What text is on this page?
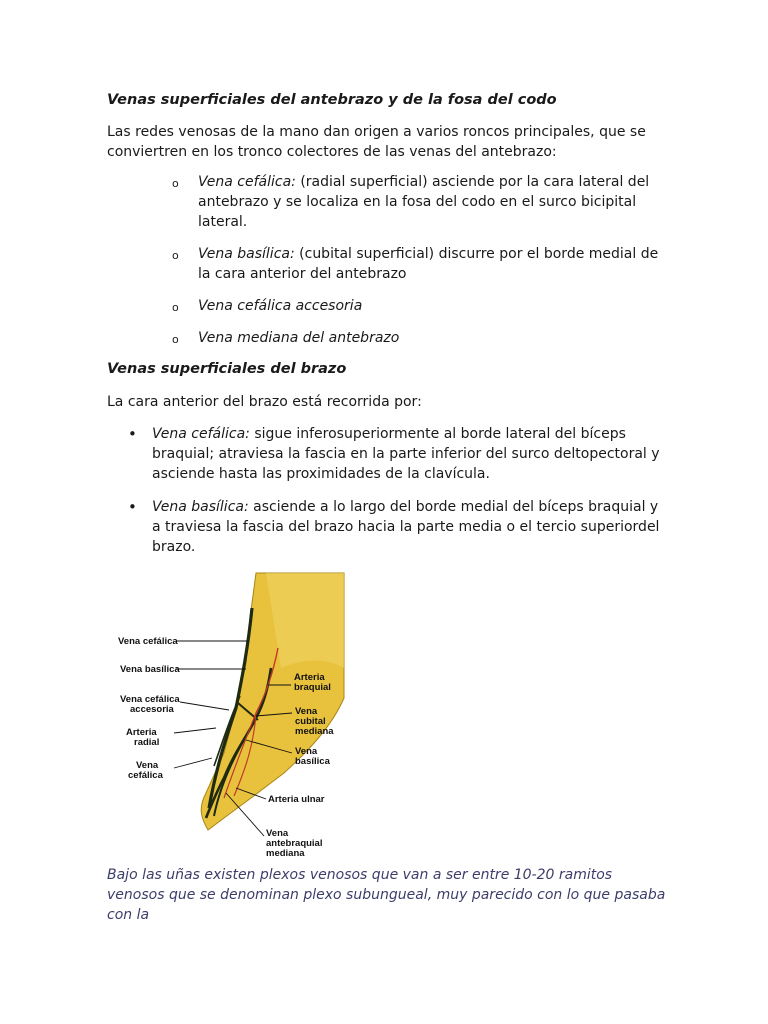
Venas superficiales del antebrazo y de la fosa del codo

Las redes venosas de la mano dan origen a varios roncos principales, que se conviertren en los tronco colectores de las venas del antebrazo:

o Vena cefálica: (radial superficial) asciende por la cara lateral del antebrazo y se localiza en la fosa del codo en el surco bicipital lateral.
o Vena basílica: (cubital superficial) discurre por el borde medial de la cara anterior del antebrazo
o Vena cefálica accesoria
o Vena mediana del antebrazo
Venas superficiales del brazo

La cara anterior del brazo está recorrida por:

• Vena cefálica: sigue inferosuperiormente al borde lateral del bíceps braquial; atraviesa la fascia en la parte inferior del surco deltopectoral y asciende hasta las proximidades de la clavícula.
• Vena basílica: asciende a lo largo del borde medial del bíceps braquial y a traviesa la fascia del brazo hacia la parte media o el tercio superiordel brazo.
Vena cefálica
Vena basílica
Vena cefálica
accesoria
Arteria
radial
Vena
cefálica
Arteria
braquial
Vena
cubital
mediana
Vena
basílica
Arteria ulnar
Vena
antebraquial
mediana

Bajo las uñas existen plexos venosos que van a ser entre 10-20 ramitos venosos que se denominan plexo subungueal, muy parecido con lo que pasaba con la
